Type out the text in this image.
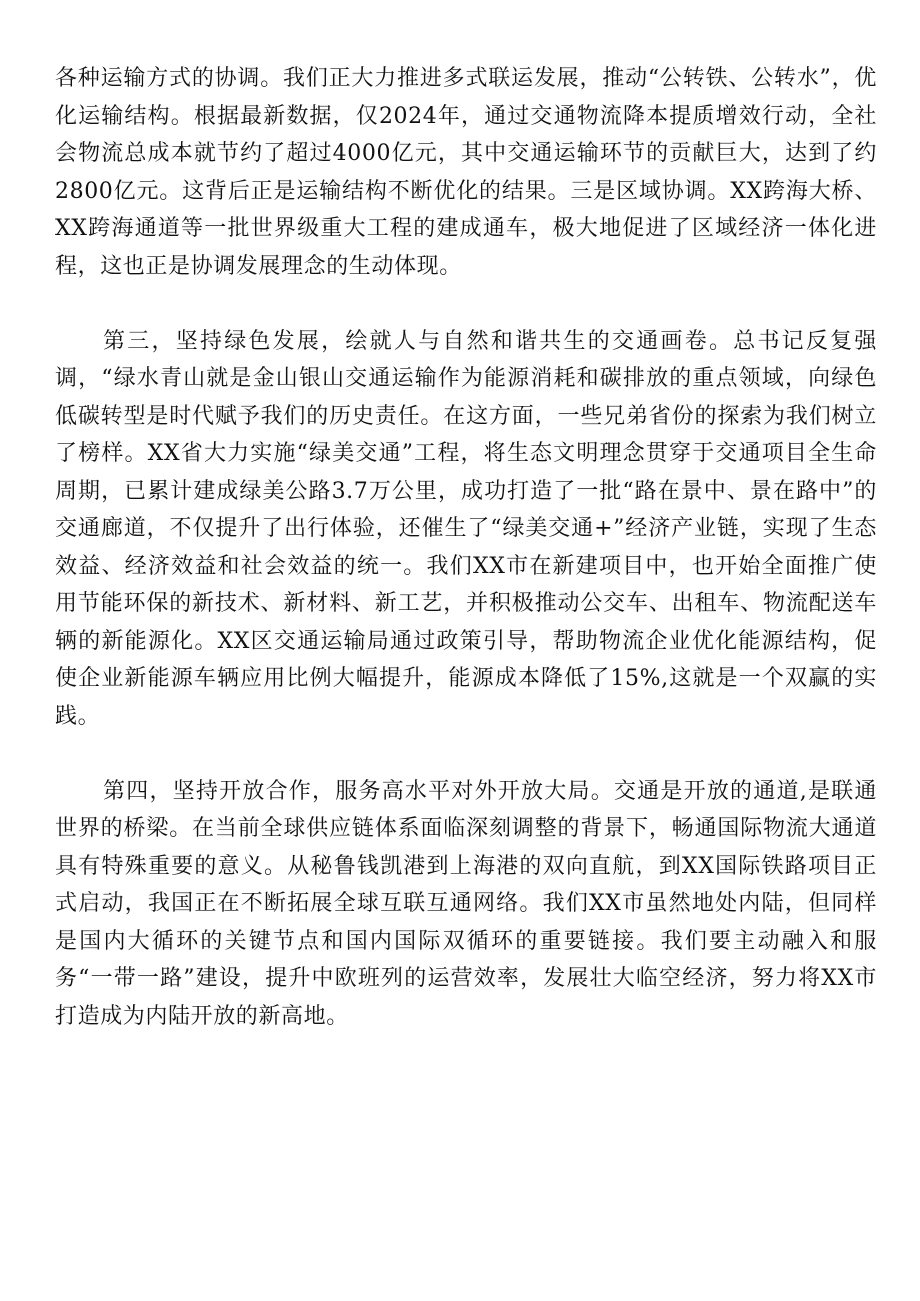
各种运输方式的协调。我们正大力推进多式联运发展，推动“公转铁、公转水”，优化运输结构。根据最新数据，仅2024年，通过交通物流降本提质增效行动，全社会物流总成本就节约了超过4000亿元，其中交通运输环节的贡献巨大，达到了约2800亿元。这背后正是运输结构不断优化的结果。三是区域协调。XX跨海大桥、XX跨海通道等一批世界级重大工程的建成通车，极大地促进了区域经济一体化进程，这也正是协调发展理念的生动体现。

第三，坚持绿色发展，绘就人与自然和谐共生的交通画卷。总书记反复强调，“绿水青山就是金山银山交通运输作为能源消耗和碳排放的重点领域，向绿色低碳转型是时代赋予我们的历史责任。在这方面，一些兄弟省份的探索为我们树立了榜样。XX省大力实施“绿美交通”工程，将生态文明理念贯穿于交通项目全生命周期，已累计建成绿美公路3.7万公里，成功打造了一批“路在景中、景在路中”的交通廊道，不仅提升了出行体验，还催生了“绿美交通+”经济产业链，实现了生态效益、经济效益和社会效益的统一。我们XX市在新建项目中，也开始全面推广使用节能环保的新技术、新材料、新工艺，并积极推动公交车、出租车、物流配送车辆的新能源化。XX区交通运输局通过政策引导，帮助物流企业优化能源结构，促使企业新能源车辆应用比例大幅提升，能源成本降低了15%,这就是一个双赢的实践。

第四，坚持开放合作，服务高水平对外开放大局。交通是开放的通道,是联通世界的桥梁。在当前全球供应链体系面临深刻调整的背景下，畅通国际物流大通道具有特殊重要的意义。从秘鲁钱凯港到上海港的双向直航，到XX国际铁路项目正式启动，我国正在不断拓展全球互联互通网络。我们XX市虽然地处内陆，但同样是国内大循环的关键节点和国内国际双循环的重要链接。我们要主动融入和服务“一带一路”建设，提升中欧班列的运营效率，发展壮大临空经济，努力将XX市打造成为内陆开放的新高地。
